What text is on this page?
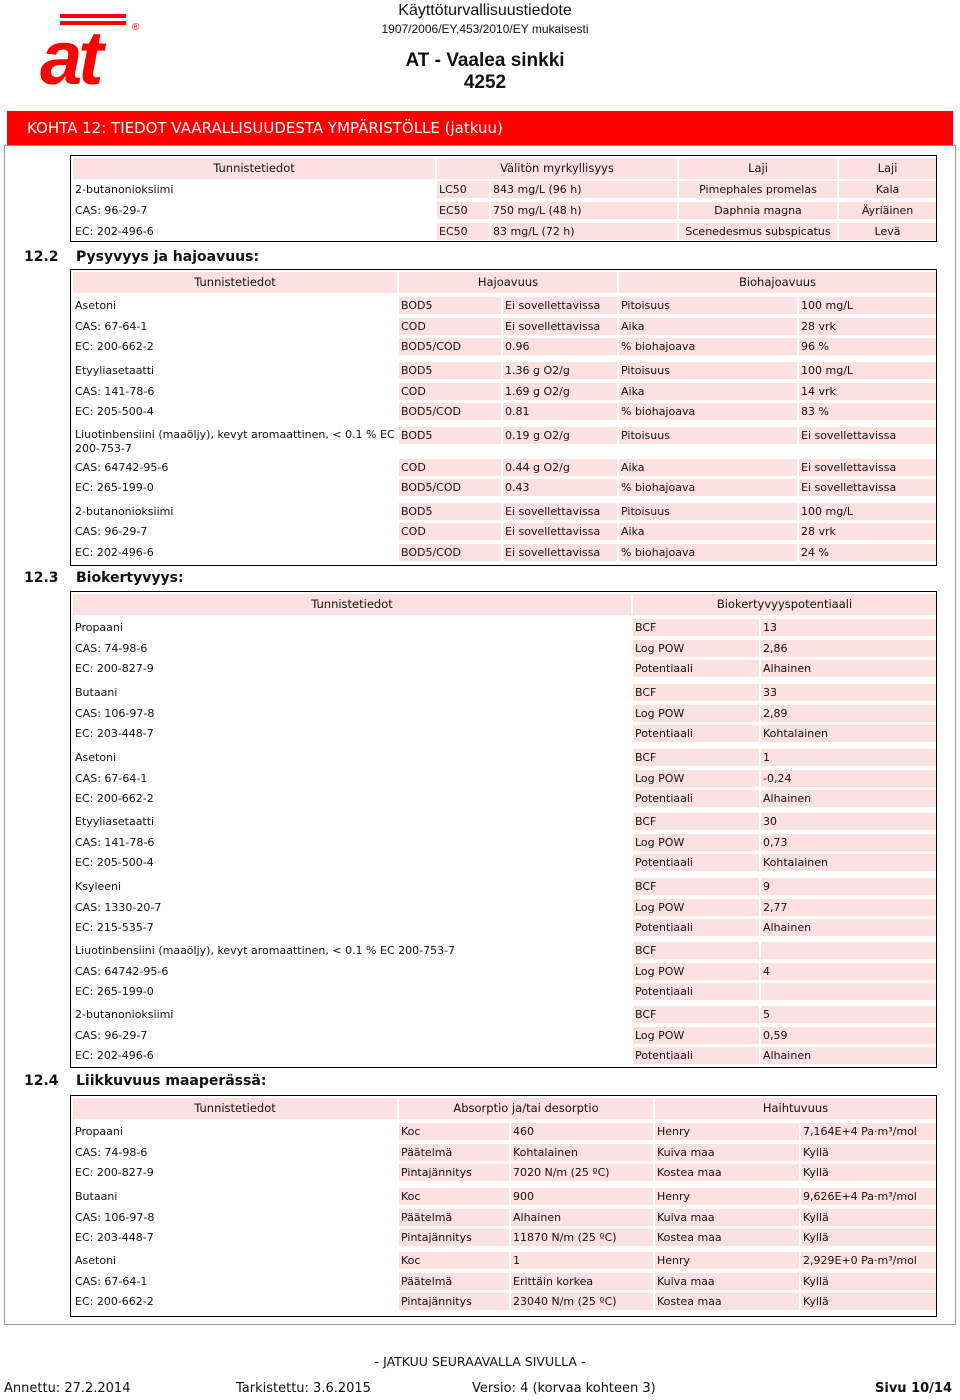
at	®
Käyttöturvallisuustiedote
1907/2006/EY,453/2010/EY mukaisesti
AT - Vaalea sinkki
4252
KOHTA 12: TIEDOT VAARALLISUUDESTA YMPÄRISTÖLLE (jatkuu)
Tunnistetiedot	Välitön myrkyllisyys	Laji	Laji
2-butanonioksiimi	LC50	843 mg/L (96 h)	Pimephales promelas	Kala
CAS: 96-29-7	EC50	750 mg/L (48 h)	Daphnia magna	Äyriäinen
EC: 202-496-6	EC50	83 mg/L (72 h)	Scenedesmus subspicatus	Levä
12.2 Pysyvyys ja hajoavuus:
Tunnistetiedot	Hajoavuus	Biohajoavuus
Asetoni	BOD5	Ei sovellettavissa	Pitoisuus	100 mg/L
CAS: 67-64-1	COD	Ei sovellettavissa	Aika	28 vrk
EC: 200-662-2	BOD5/COD	0.96	% biohajoava	96 %
Etyyliasetaatti	BOD5	1.36 g O2/g	Pitoisuus	100 mg/L
CAS: 141-78-6	COD	1.69 g O2/g	Aika	14 vrk
EC: 205-500-4	BOD5/COD	0.81	% biohajoava	83 %
Liuotinbensiini (maaöljy), kevyt aromaattinen, < 0.1 % EC 200-753-7
BOD5	0.19 g O2/g	Pitoisuus	Ei sovellettavissa
CAS: 64742-95-6	COD	0.44 g O2/g	Aika	Ei sovellettavissa
EC: 265-199-0	BOD5/COD	0.43	% biohajoava	Ei sovellettavissa
2-butanonioksiimi	BOD5	Ei sovellettavissa	Pitoisuus	100 mg/L
CAS: 96-29-7	COD	Ei sovellettavissa	Aika	28 vrk
EC: 202-496-6	BOD5/COD	Ei sovellettavissa	% biohajoava	24 %
12.3 Biokertyvyys:
Tunnistetiedot	Biokertyvyyspotentiaali
Propaani	BCF	13
CAS: 74-98-6	Log POW	2,86
EC: 200-827-9	Potentiaali	Alhainen
Butaani	BCF	33
CAS: 106-97-8	Log POW	2,89
EC: 203-448-7	Potentiaali	Kohtalainen
Asetoni	BCF	1
CAS: 67-64-1	Log POW	-0,24
EC: 200-662-2	Potentiaali	Alhainen
Etyyliasetaatti	BCF	30
CAS: 141-78-6	Log POW	0,73
EC: 205-500-4	Potentiaali	Kohtalainen
Ksyleeni	BCF	9
CAS: 1330-20-7	Log POW	2,77
EC: 215-535-7	Potentiaali	Alhainen
Liuotinbensiini (maaöljy), kevyt aromaattinen, < 0.1 % EC 200-753-7	BCF
CAS: 64742-95-6	Log POW	4
EC: 265-199-0	Potentiaali
2-butanonioksiimi	BCF	5
CAS: 96-29-7	Log POW	0,59
EC: 202-496-6	Potentiaali	Alhainen
12.4 Liikkuvuus maaperässä:
Tunnistetiedot	Absorptio ja/tai desorptio	Haihtuvuus
Propaani	Koc	460	Henry	7,164E+4 Pa·m³/mol
CAS: 74-98-6	Päätelmä	Kohtalainen	Kuiva maa	Kyllä
EC: 200-827-9	Pintajännitys	7020 N/m (25 ºC)	Kostea maa	Kyllä
Butaani	Koc	900	Henry	9,626E+4 Pa·m³/mol
CAS: 106-97-8	Päätelmä	Alhainen	Kuiva maa	Kyllä
EC: 203-448-7	Pintajännitys	11870 N/m (25 ºC)	Kostea maa	Kyllä
Asetoni	Koc	1	Henry	2,929E+0 Pa·m³/mol
CAS: 67-64-1	Päätelmä	Erittäin korkea	Kuiva maa	Kyllä
EC: 200-662-2	Pintajännitys	23040 N/m (25 ºC)	Kostea maa	Kyllä
- JATKUU SEURAAVALLA SIVULLA -
Annettu: 27.2.2014	Tarkistettu: 3.6.2015	Versio: 4 (korvaa kohteen 3)	Sivu 10/14
